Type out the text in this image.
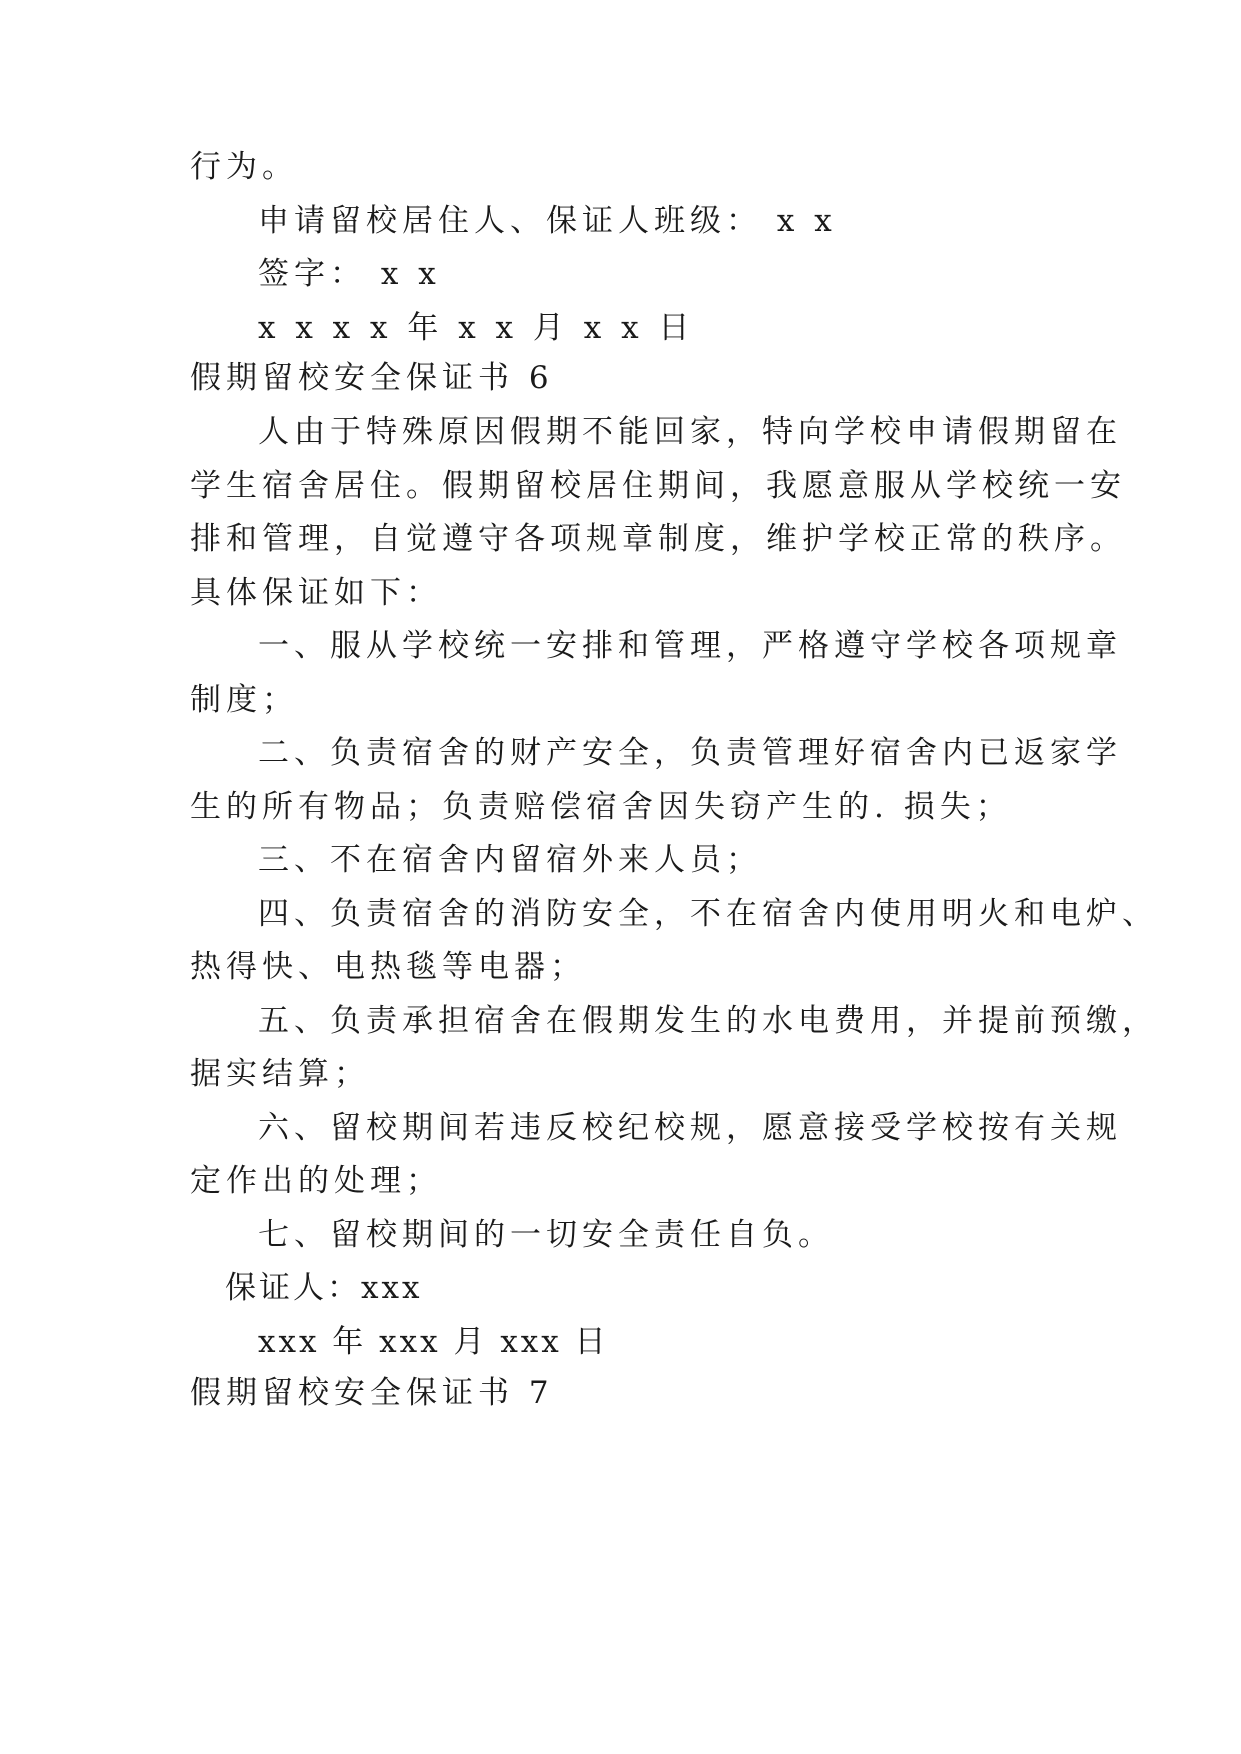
行为。
申请留校居住人、保证人班级： x x
签字： x x
x x x x 年 x x 月 x x 日
假期留校安全保证书 6
人由于特殊原因假期不能回家，特向学校申请假期留在
学生宿舍居住。假期留校居住期间，我愿意服从学校统一安
排和管理，自觉遵守各项规章制度，维护学校正常的秩序。
具体保证如下：
一、服从学校统一安排和管理，严格遵守学校各项规章
制度；
二、负责宿舍的财产安全，负责管理好宿舍内已返家学
生的所有物品；负责赔偿宿舍因失窃产生的. 损失；
三、不在宿舍内留宿外来人员；
四、负责宿舍的消防安全，不在宿舍内使用明火和电炉、
热得快、电热毯等电器；
五、负责承担宿舍在假期发生的水电费用，并提前预缴，
据实结算；
六、留校期间若违反校纪校规，愿意接受学校按有关规
定作出的处理；
七、留校期间的一切安全责任自负。
保证人：xxx
xxx 年 xxx 月 xxx 日
假期留校安全保证书 7
